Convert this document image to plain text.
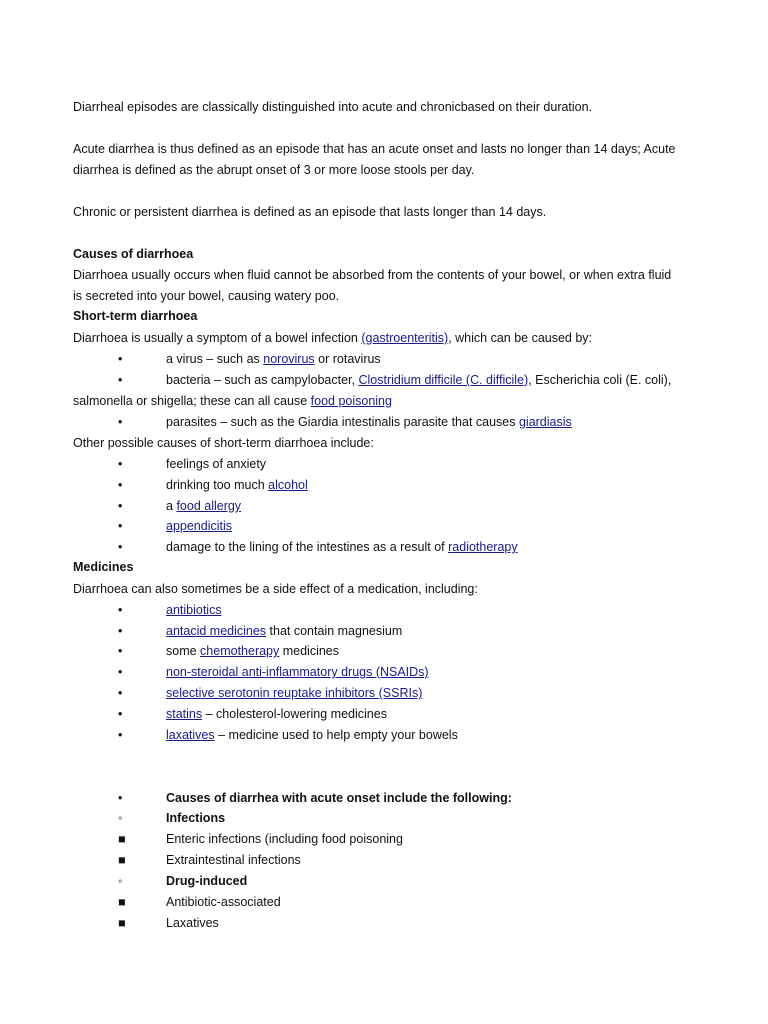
Diarrheal episodes are classically distinguished into acute and chronicbased on their duration.
Acute diarrhea is thus defined as an episode that has an acute onset and lasts no longer than 14 days; Acute
diarrhea is defined as the abrupt onset of 3 or more loose stools per day.
Chronic or persistent diarrhea is defined as an episode that lasts longer than 14 days.
Causes of diarrhoea
Diarrhoea usually occurs when fluid cannot be absorbed from the contents of your bowel, or when extra fluid
is secreted into your bowel, causing watery poo.
Short-term diarrhoea
Diarrhoea is usually a symptom of a bowel infection (gastroenteritis), which can be caused by:
•	a virus – such as norovirus or rotavirus
•	bacteria – such as campylobacter, Clostridium difficile (C. difficile), Escherichia coli (E. coli),
salmonella or shigella; these can all cause food poisoning
•	parasites – such as the Giardia intestinalis parasite that causes giardiasis
Other possible causes of short-term diarrhoea include:
•	feelings of anxiety
•	drinking too much alcohol
•	a food allergy
•	appendicitis
•	damage to the lining of the intestines as a result of radiotherapy
Medicines
Diarrhoea can also sometimes be a side effect of a medication, including:
•	antibiotics
•	antacid medicines that contain magnesium
•	some chemotherapy medicines
•	non-steroidal anti-inflammatory drugs (NSAIDs)
•	selective serotonin reuptake inhibitors (SSRIs)
•	statins – cholesterol-lowering medicines
•	laxatives – medicine used to help empty your bowels
•	Causes of diarrhea with acute onset include the following:
◦	Infections
■	Enteric infections (including food poisoning
■	Extraintestinal infections
◦	Drug-induced
■	Antibiotic-associated
■	Laxatives
